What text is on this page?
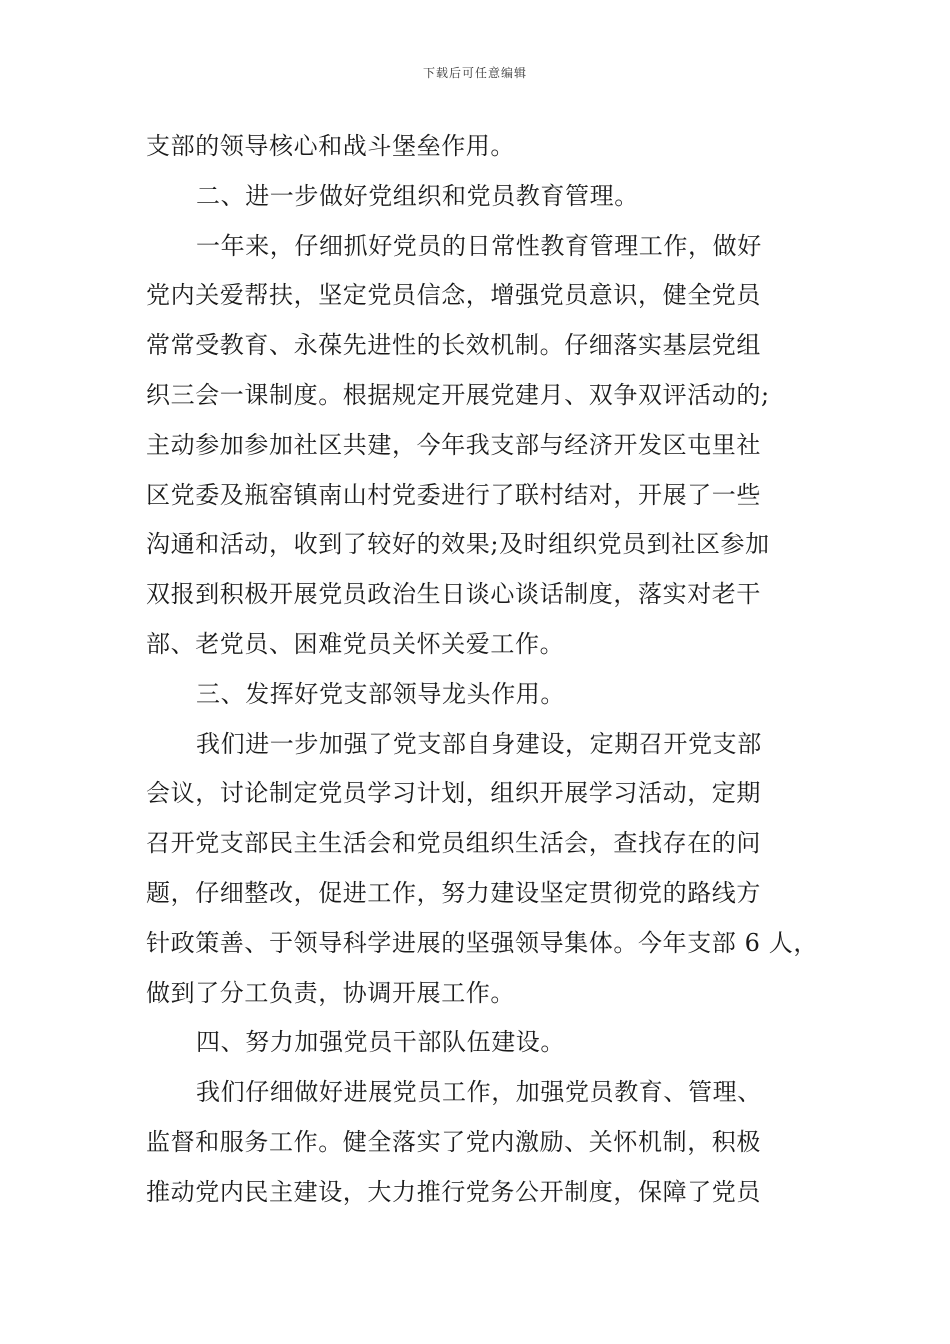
下载后可任意编辑
支部的领导核心和战斗堡垒作用。
二、进一步做好党组织和党员教育管理。
一年来，仔细抓好党员的日常性教育管理工作，做好
党内关爱帮扶，坚定党员信念，增强党员意识，健全党员
常常受教育、永葆先进性的长效机制。仔细落实基层党组
织三会一课制度。根据规定开展党建月、双争双评活动的;
主动参加参加社区共建，今年我支部与经济开发区屯里社
区党委及瓶窑镇南山村党委进行了联村结对，开展了一些
沟通和活动，收到了较好的效果;及时组织党员到社区参加
双报到积极开展党员政治生日谈心谈话制度，落实对老干
部、老党员、困难党员关怀关爱工作。
三、发挥好党支部领导龙头作用。
我们进一步加强了党支部自身建设，定期召开党支部
会议，讨论制定党员学习计划，组织开展学习活动，定期
召开党支部民主生活会和党员组织生活会，查找存在的问
题，仔细整改，促进工作，努力建设坚定贯彻党的路线方
针政策善、于领导科学进展的坚强领导集体。今年支部 6 人，
做到了分工负责，协调开展工作。
四、努力加强党员干部队伍建设。
我们仔细做好进展党员工作，加强党员教育、管理、
监督和服务工作。健全落实了党内激励、关怀机制，积极
推动党内民主建设，大力推行党务公开制度，保障了党员
